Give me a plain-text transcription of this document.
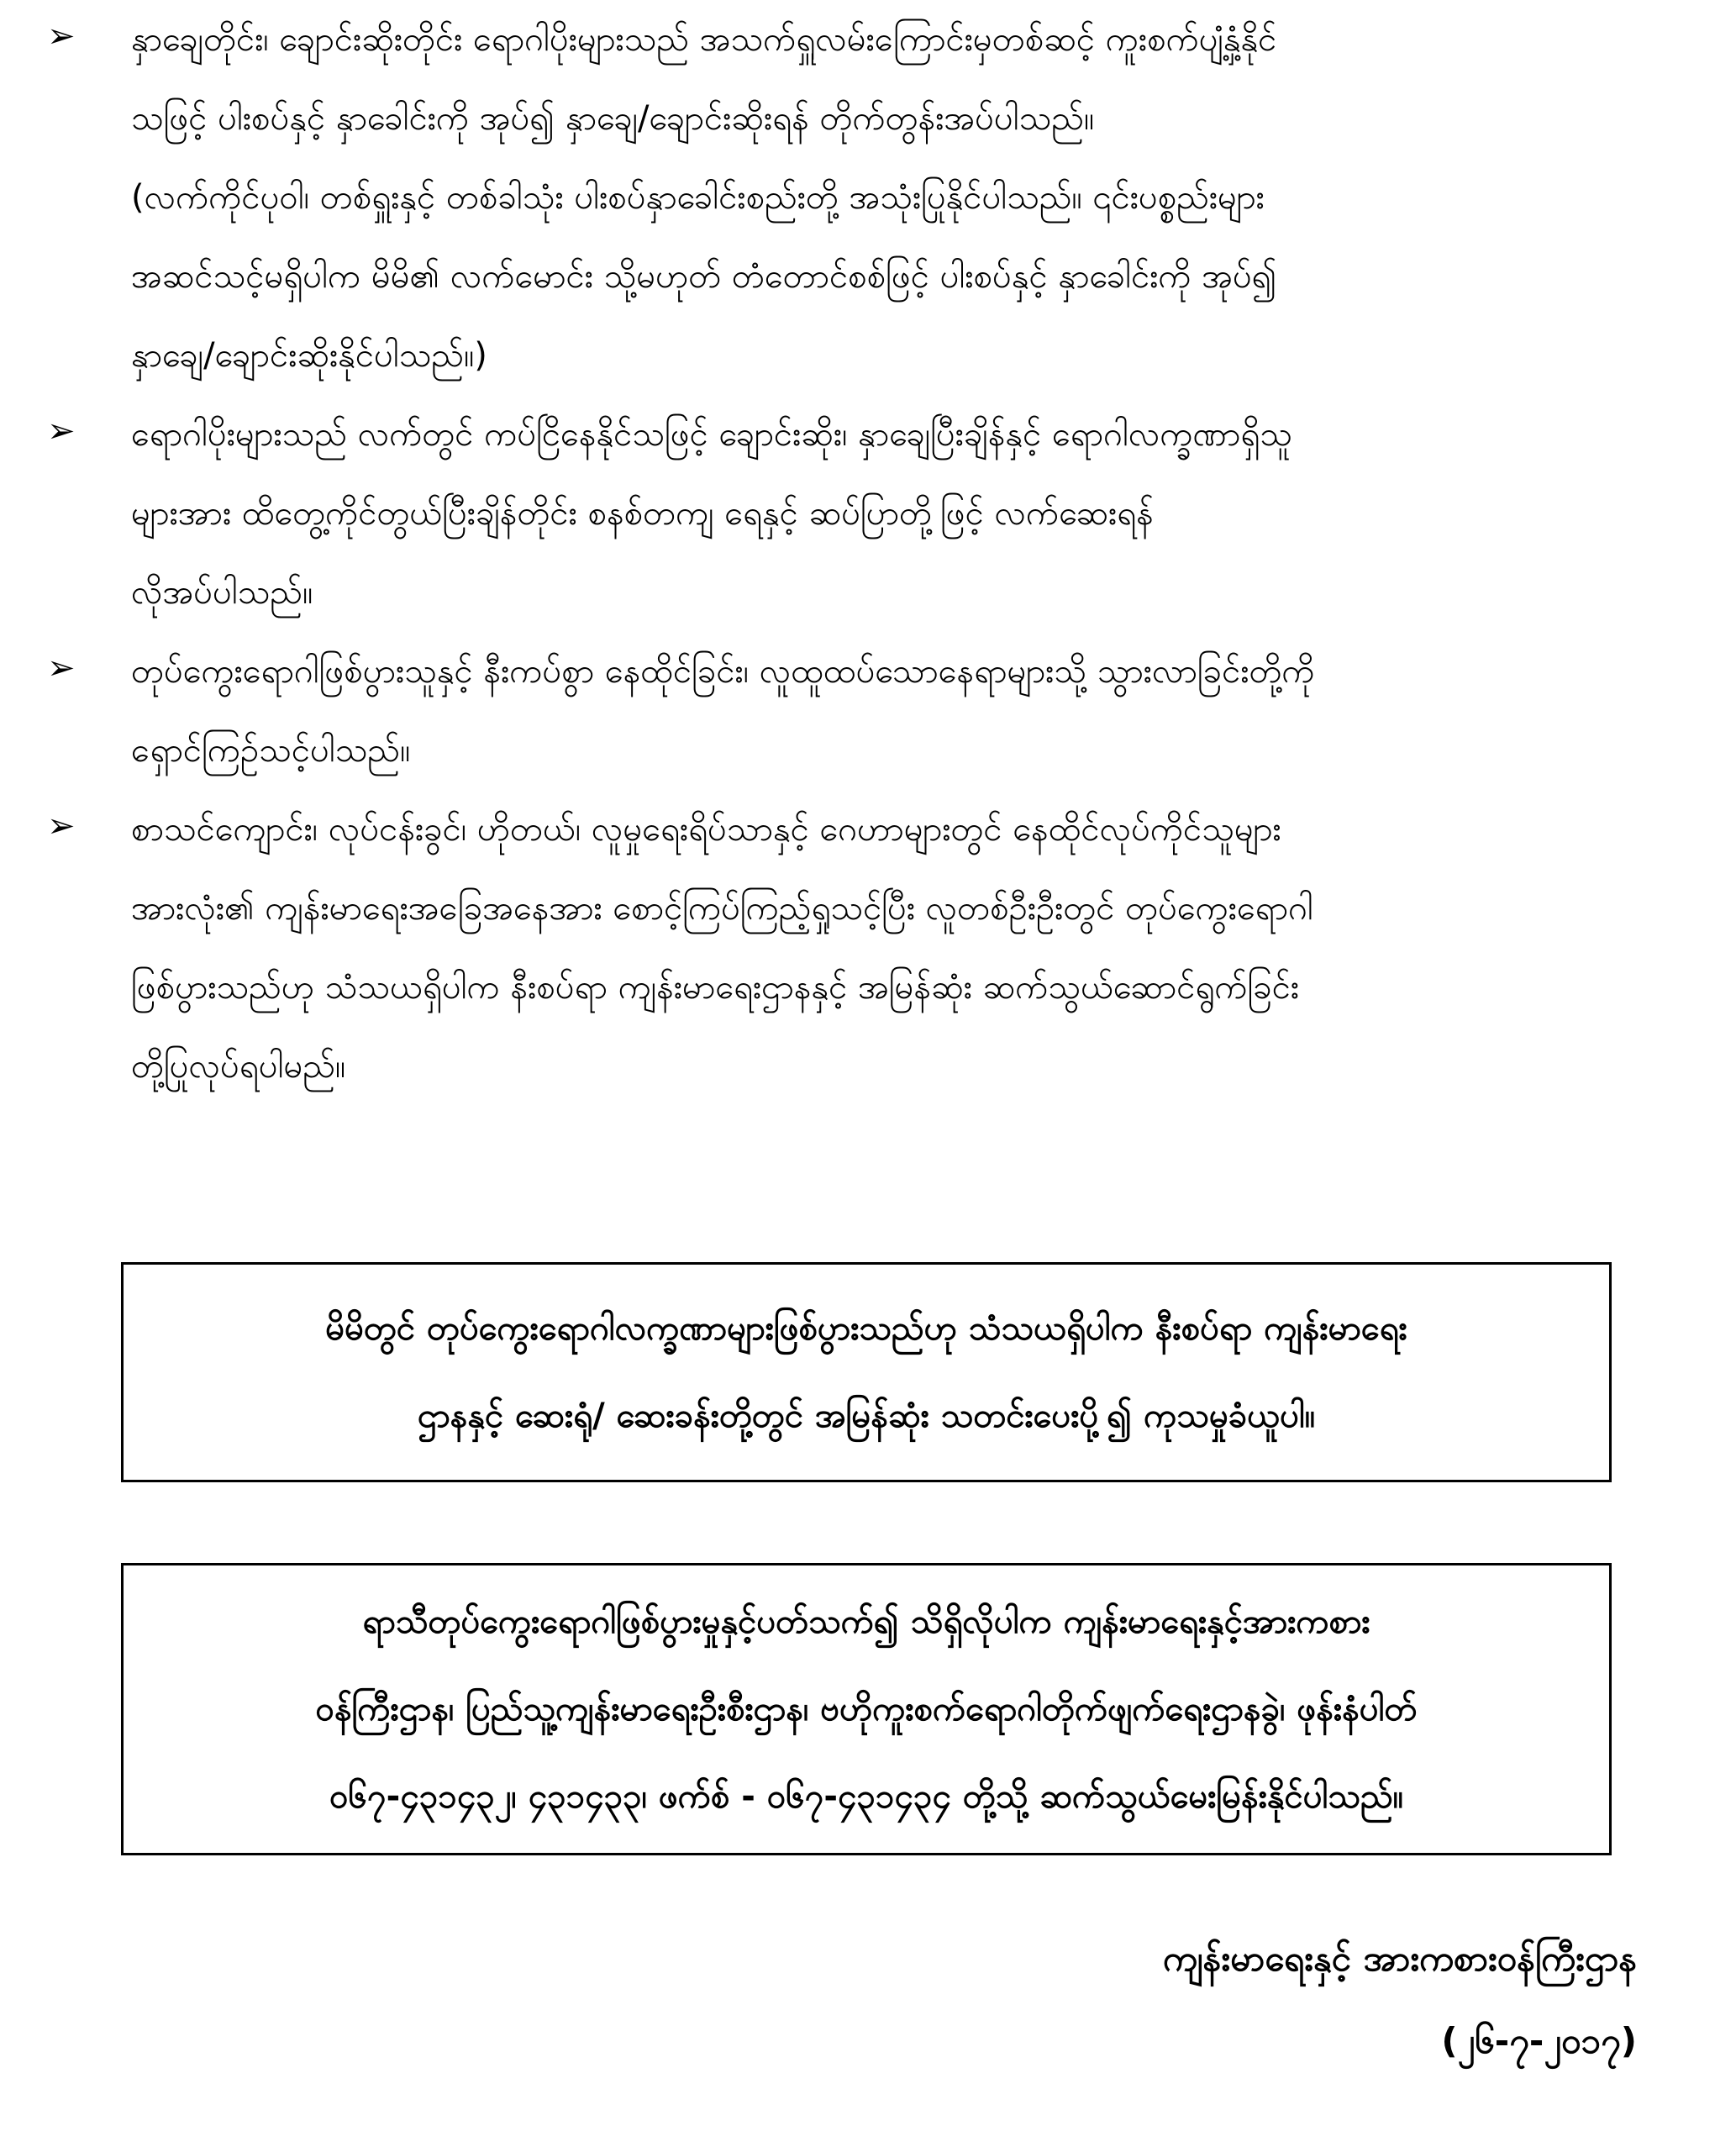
➢ နှာချေတိုင်း၊ ချောင်းဆိုးတိုင်း ရောဂါပိုးများသည် အသက်ရှူလမ်းကြောင်းမှတစ်ဆင့် ကူးစက်ပျံ့နှံ့နိုင်
သဖြင့် ပါးစပ်နှင့် နှာခေါင်းကို အုပ်၍ နှာချေ/ချောင်းဆိုးရန် တိုက်တွန်းအပ်ပါသည်။
(လက်ကိုင်ပုဝါ၊ တစ်ရှူးနှင့် တစ်ခါသုံး ပါးစပ်နှာခေါင်းစည်းတို့ အသုံးပြုနိုင်ပါသည်။ ၎င်းပစ္စည်းများ
အဆင်သင့်မရှိပါက မိမိ၏ လက်မောင်း သို့မဟုတ် တံတောင်စစ်ဖြင့် ပါးစပ်နှင့် နှာခေါင်းကို အုပ်၍
နှာချေ/ချောင်းဆိုးနိုင်ပါသည်။)

➢ ရောဂါပိုးများသည် လက်တွင် ကပ်ငြိနေနိုင်သဖြင့် ချောင်းဆိုး၊ နှာချေပြီးချိန်နှင့် ရောဂါလက္ခဏာရှိသူ
များအား ထိတွေ့ကိုင်တွယ်ပြီးချိန်တိုင်း စနစ်တကျ ရေနှင့် ဆပ်ပြာတို့ဖြင့် လက်ဆေးရန်
လိုအပ်ပါသည်။

➢ တုပ်ကွေးရောဂါဖြစ်ပွားသူနှင့် နီးကပ်စွာ နေထိုင်ခြင်း၊ လူထူထပ်သောနေရာများသို့ သွားလာခြင်းတို့ကို
ရှောင်ကြဉ်သင့်ပါသည်။

➢ စာသင်ကျောင်း၊ လုပ်ငန်းခွင်၊ ဟိုတယ်၊ လူမှုရေးရိပ်သာနှင့် ဂေဟာများတွင် နေထိုင်လုပ်ကိုင်သူများ
အားလုံး၏ ကျန်းမာရေးအခြေအနေအား စောင့်ကြပ်ကြည့်ရှုသင့်ပြီး လူတစ်ဦးဦးတွင် တုပ်ကွေးရောဂါ
ဖြစ်ပွားသည်ဟု သံသယရှိပါက နီးစပ်ရာ ကျန်းမာရေးဌာနနှင့် အမြန်ဆုံး ဆက်သွယ်ဆောင်ရွက်ခြင်း
တို့ပြုလုပ်ရပါမည်။

မိမိတွင် တုပ်ကွေးရောဂါလက္ခဏာများဖြစ်ပွားသည်ဟု သံသယရှိပါက နီးစပ်ရာ ကျန်းမာရေး
ဌာနနှင့် ဆေးရုံ/ ဆေးခန်းတို့တွင် အမြန်ဆုံး သတင်းပေးပို့၍ ကုသမှုခံယူပါ။

ရာသီတုပ်ကွေးရောဂါဖြစ်ပွားမှုနှင့်ပတ်သက်၍ သိရှိလိုပါက ကျန်းမာရေးနှင့်အားကစား
ဝန်ကြီးဌာန၊ ပြည်သူ့ကျန်းမာရေးဦးစီးဌာန၊ ဗဟိုကူးစက်ရောဂါတိုက်ဖျက်ရေးဌာနခွဲ၊ ဖုန်းနံပါတ်
၀၆၇-၄၃၁၄၃၂၊ ၄၃၁၄၃၃၊ ဖက်စ် - ၀၆၇-၄၃၁၄၃၄ တို့သို့ ဆက်သွယ်မေးမြန်းနိုင်ပါသည်။

ကျန်းမာရေးနှင့် အားကစားဝန်ကြီးဌာန
(၂၆-၇-၂၀၁၇)
